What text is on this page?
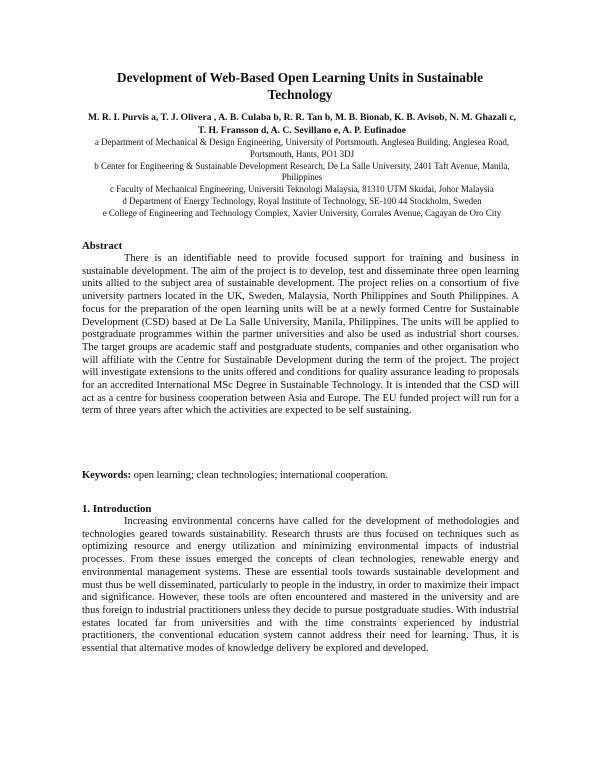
Development of Web-Based Open Learning Units in Sustainable
Technology
M. R. I. Purvis a, T. J. Olivera , A. B. Culaba b, R. R. Tan b, M. B. Bionab, K. B. Avisob, N. M. Ghazali c,
T. H. Fransson d, A. C. Sevillano e, A. P. Eufinadoe
a Department of Mechanical & Design Engineering, University of Portsmouth. Anglesea Building, Anglesea Road, Portsmouth, Hants, PO1 3DJ
b Center for Engineering & Sustainable Development Research, De La Salle University, 2401 Taft Avenue, Manila, Philippines
c Faculty of Mechanical Engineering, Universiti Teknologi Malaysia, 81310 UTM Skudai, Johor Malaysia
d Department of Energy Technology, Royal Institute of Technology, SE-100 44 Stockholm, Sweden
e College of Engineering and Technology Complex, Xavier University, Corrales Avenue, Cagayan de Oro City
Abstract

There is an identifiable need to provide focused support for training and business in sustainable development. The aim of the project is to develop, test and disseminate three open learning units allied to the subject area of sustainable development. The project relies on a consortium of five university partners located in the UK, Sweden, Malaysia, North Philippines and South Philippines. A focus for the preparation of the open learning units will be at a newly formed Centre for Sustainable Development (CSD) based at De La Salle University, Manila, Philippines. The units will be applied to postgraduate programmes within the partner universities and also be used as industrial short courses. The target groups are academic staff and postgraduate students, companies and other organisation who will affiliate with the Centre for Sustainable Development during the term of the project. The project will investigate extensions to the units offered and conditions for quality assurance leading to proposals for an accredited International MSc Degree in Sustainable Technology. It is intended that the CSD will act as a centre for business cooperation between Asia and Europe. The EU funded project will run for a term of three years after which the activities are expected to be self sustaining.

Keywords: open learning; clean technologies; international cooperation.
1. Introduction

Increasing environmental concerns have called for the development of methodologies and technologies geared towards sustainability. Research thrusts are thus focused on techniques such as optimizing resource and energy utilization and minimizing environmental impacts of industrial processes. From these issues emerged the concepts of clean technologies, renewable energy and environmental management systems. These are essential tools towards sustainable development and must thus be well disseminated, particularly to people in the industry, in order to maximize their impact and significance. However, these tools are often encountered and mastered in the university and are thus foreign to industrial practitioners unless they decide to pursue postgraduate studies. With industrial estates located far from universities and with the time constraints experienced by industrial practitioners, the conventional education system cannot address their need for learning. Thus, it is essential that alternative modes of knowledge delivery be explored and developed.
